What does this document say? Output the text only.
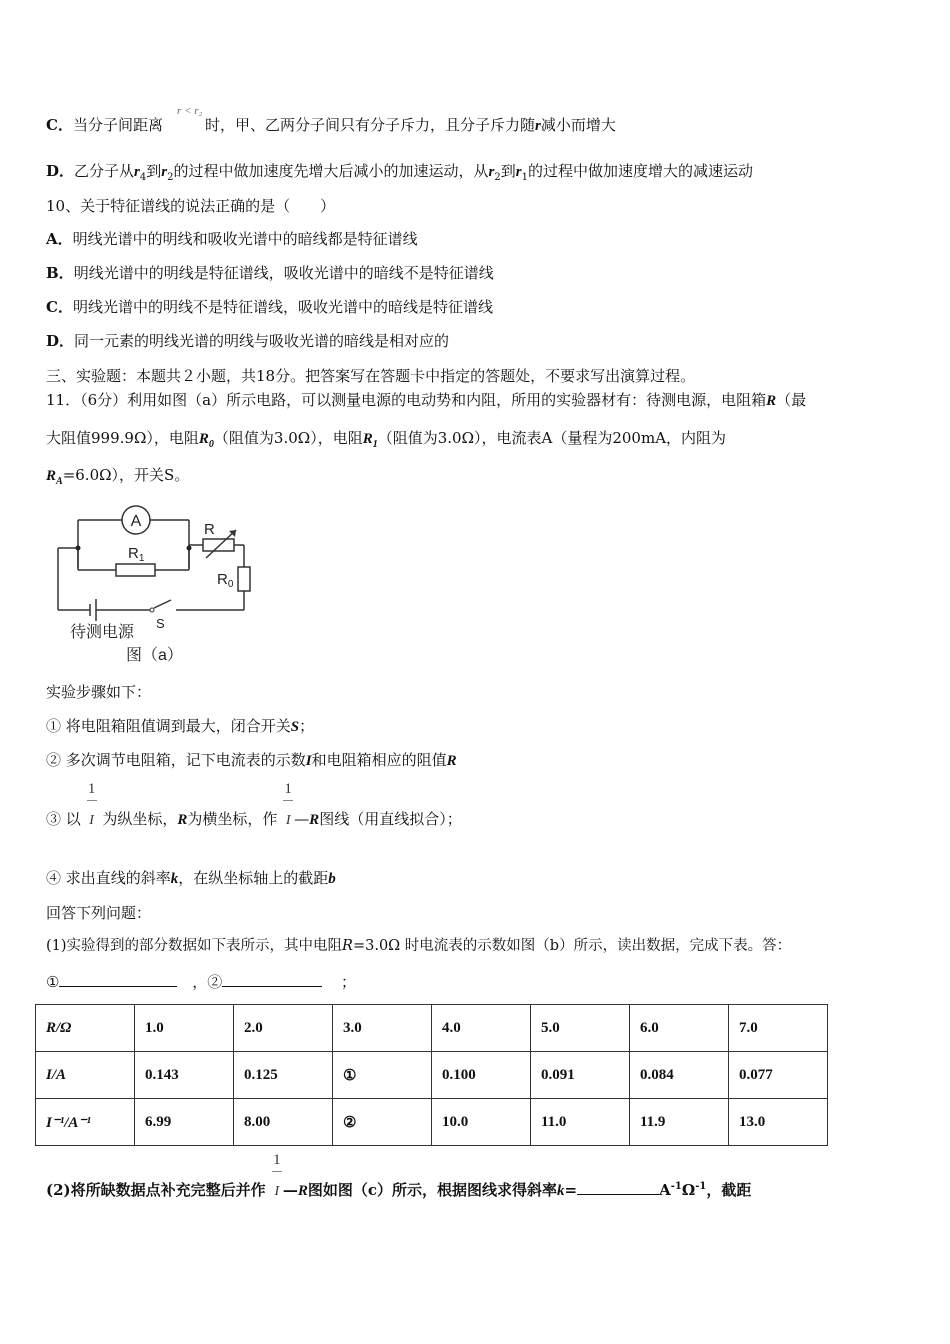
C．当分子间距离	时，甲、乙两分子间只有分子斥力，且分子斥力随r减小而增大
r < r₂
D．乙分子从$r_4$到$r_2$的过程中做加速度先增大后减小的加速运动，从$r_2$到$r_1$的过程中做加速度增大的减速运动
10、关于特征谱线的说法正确的是（　　）
A．明线光谱中的明线和吸收光谱中的暗线都是特征谱线
B．明线光谱中的明线是特征谱线，吸收光谱中的暗线不是特征谱线
C．明线光谱中的明线不是特征谱线，吸收光谱中的暗线是特征谱线
D．同一元素的明线光谱的明线与吸收光谱的暗线是相对应的
三、实验题：本题共２小题，共18分。把答案写在答题卡中指定的答题处，不要求写出演算过程。
11．（6分）利用如图（a）所示电路，可以测量电源的电动势和内阻，所用的实验器材有：待测电源，电阻箱R（最
大阻值999.9Ω），电阻$R_0$（阻值为3.0Ω），电阻$R_1$（阻值为3.0Ω），电流表A（量程为200mA，内阻为
$R_A=6.0\Omega$），开关S。
A
$R_1$
R
$R_0$
S
待测电源
图（a）
实验步骤如下：
① 将电阻箱阻值调到最大，闭合开关S；
② 多次调节电阻箱，记下电流表的示数I和电阻箱相应的阻值R
③ 以 $\frac{1}{I}$ 为纵坐标，R为横坐标，作 $\frac{1}{I}—R$图线（用直线拟合）；
④ 求出直线的斜率k，在纵坐标轴上的截距b
回答下列问题：
(1)实验得到的部分数据如下表所示，其中电阻R=3.0Ω 时电流表的示数如图（b）所示，读出数据，完成下表。答：
①	，②	；
R/Ω	1.0	2.0	3.0	4.0	5.0	6.0	7.0
I/A	0.143	0.125	①	0.100	0.091	0.084	0.077
I⁻¹/A⁻¹	6.99	8.00	②	10.0	11.0	11.9	13.0
(2)将所缺数据点补充完整后并作 $\frac{1}{I}—R$图如图（c）所示，根据图线求得斜率k=	$A^{-1}\Omega^{-1}$，截距
